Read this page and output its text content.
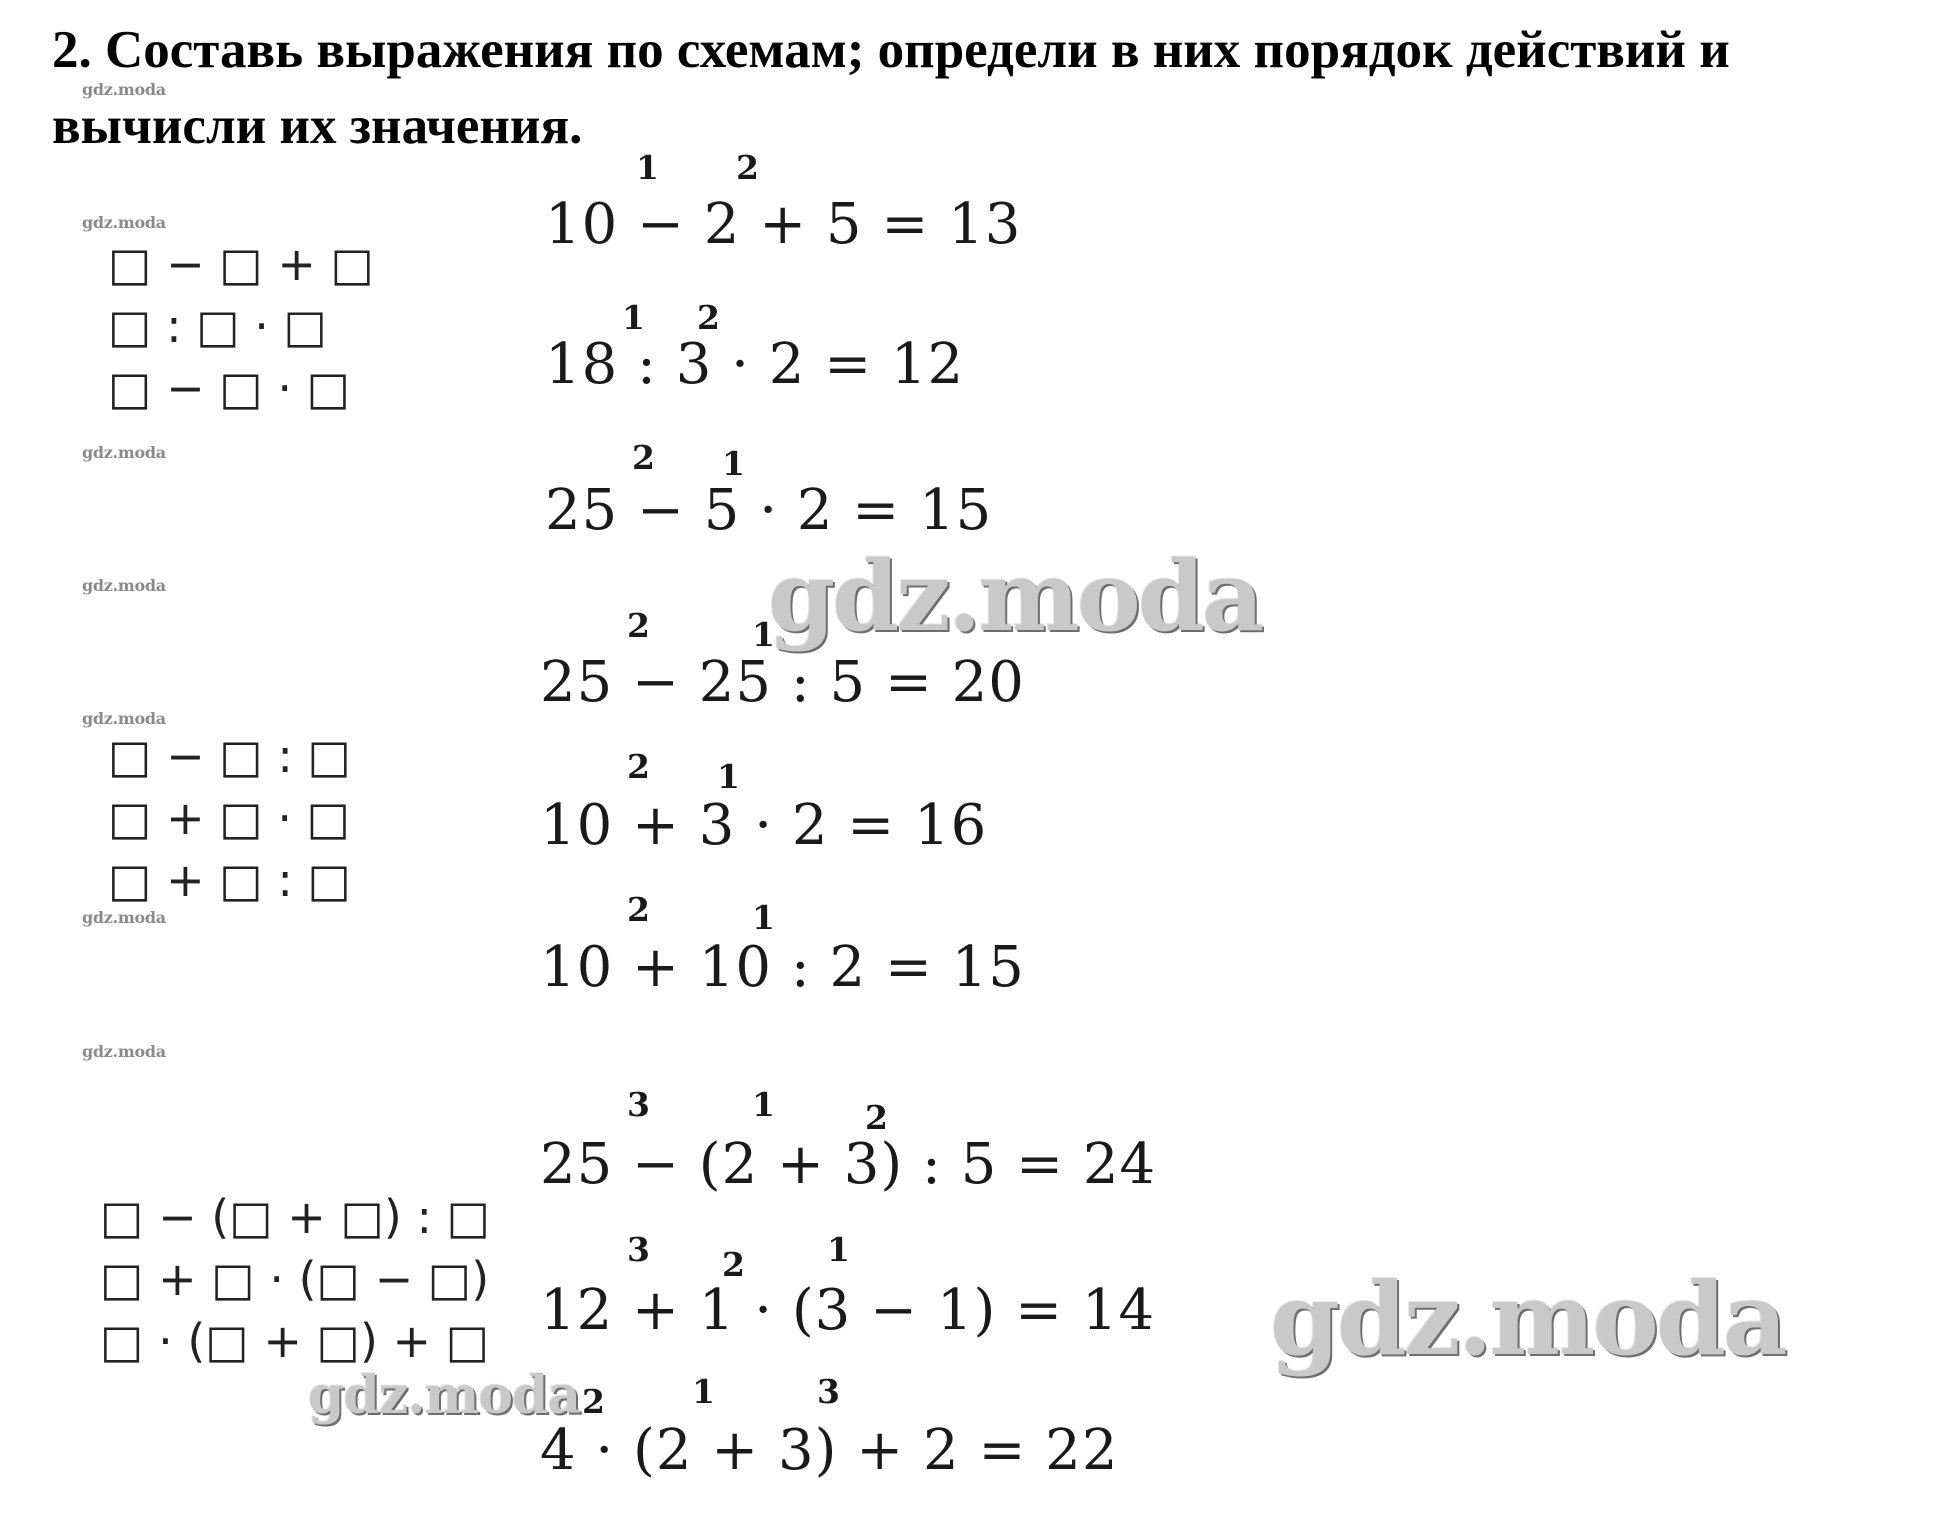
2. Составь выражения по схемам; определи в них порядок действий и вычисли их значения.
gdz.moda
gdz.moda
gdz.moda
gdz.moda
gdz.moda
gdz.moda
gdz.moda
□ − □ + □
□ : □ · □
□ − □ · □
□ − □ : □
□ + □ · □
□ + □ : □
□ − (□ + □) : □
□ + □ · (□ − □)
□ · (□ + □) + □
10 − 2 + 5 = 13
18 : 3 · 2 = 12
25 − 5 · 2 = 15
25 − 25 : 5 = 20
10 + 3 · 2 = 16
10 + 10 : 2 = 15
25 − (2 + 3) : 5 = 24
12 + 1 · (3 − 1) = 14
4 · (2 + 3) + 2 = 22
1 2
1 2
2 1
2	1
2 1
2	1
3	1	2
3 2 1
2	1	3
gdz.moda
gdz.moda
gdz.moda
